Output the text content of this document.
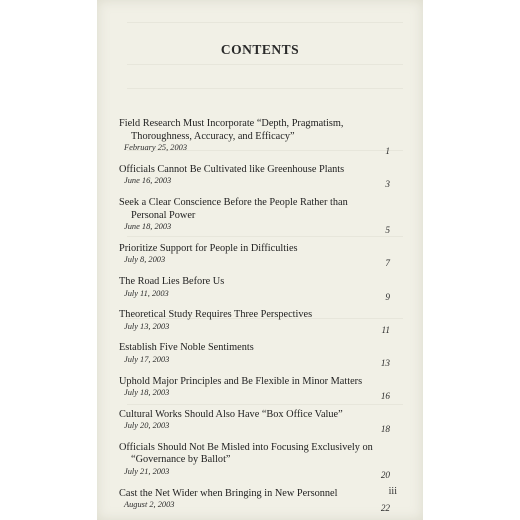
CONTENTS
Field Research Must Incorporate “Depth, Pragmatism, Thoroughness, Accuracy, and Efficacy”
February 25, 2003	1
Officials Cannot Be Cultivated like Greenhouse Plants
June 16, 2003	3
Seek a Clear Conscience Before the People Rather than Personal Power
June 18, 2003	5
Prioritize Support for People in Difficulties
July 8, 2003	7
The Road Lies Before Us
July 11, 2003	9
Theoretical Study Requires Three Perspectives
July 13, 2003	11
Establish Five Noble Sentiments
July 17, 2003	13
Uphold Major Principles and Be Flexible in Minor Matters
July 18, 2003	16
Cultural Works Should Also Have “Box Office Value”
July 20, 2003	18
Officials Should Not Be Misled into Focusing Exclusively on “Governance by Ballot”
July 21, 2003	20
Cast the Net Wider when Bringing in New Personnel
August 2, 2003	22
iii
